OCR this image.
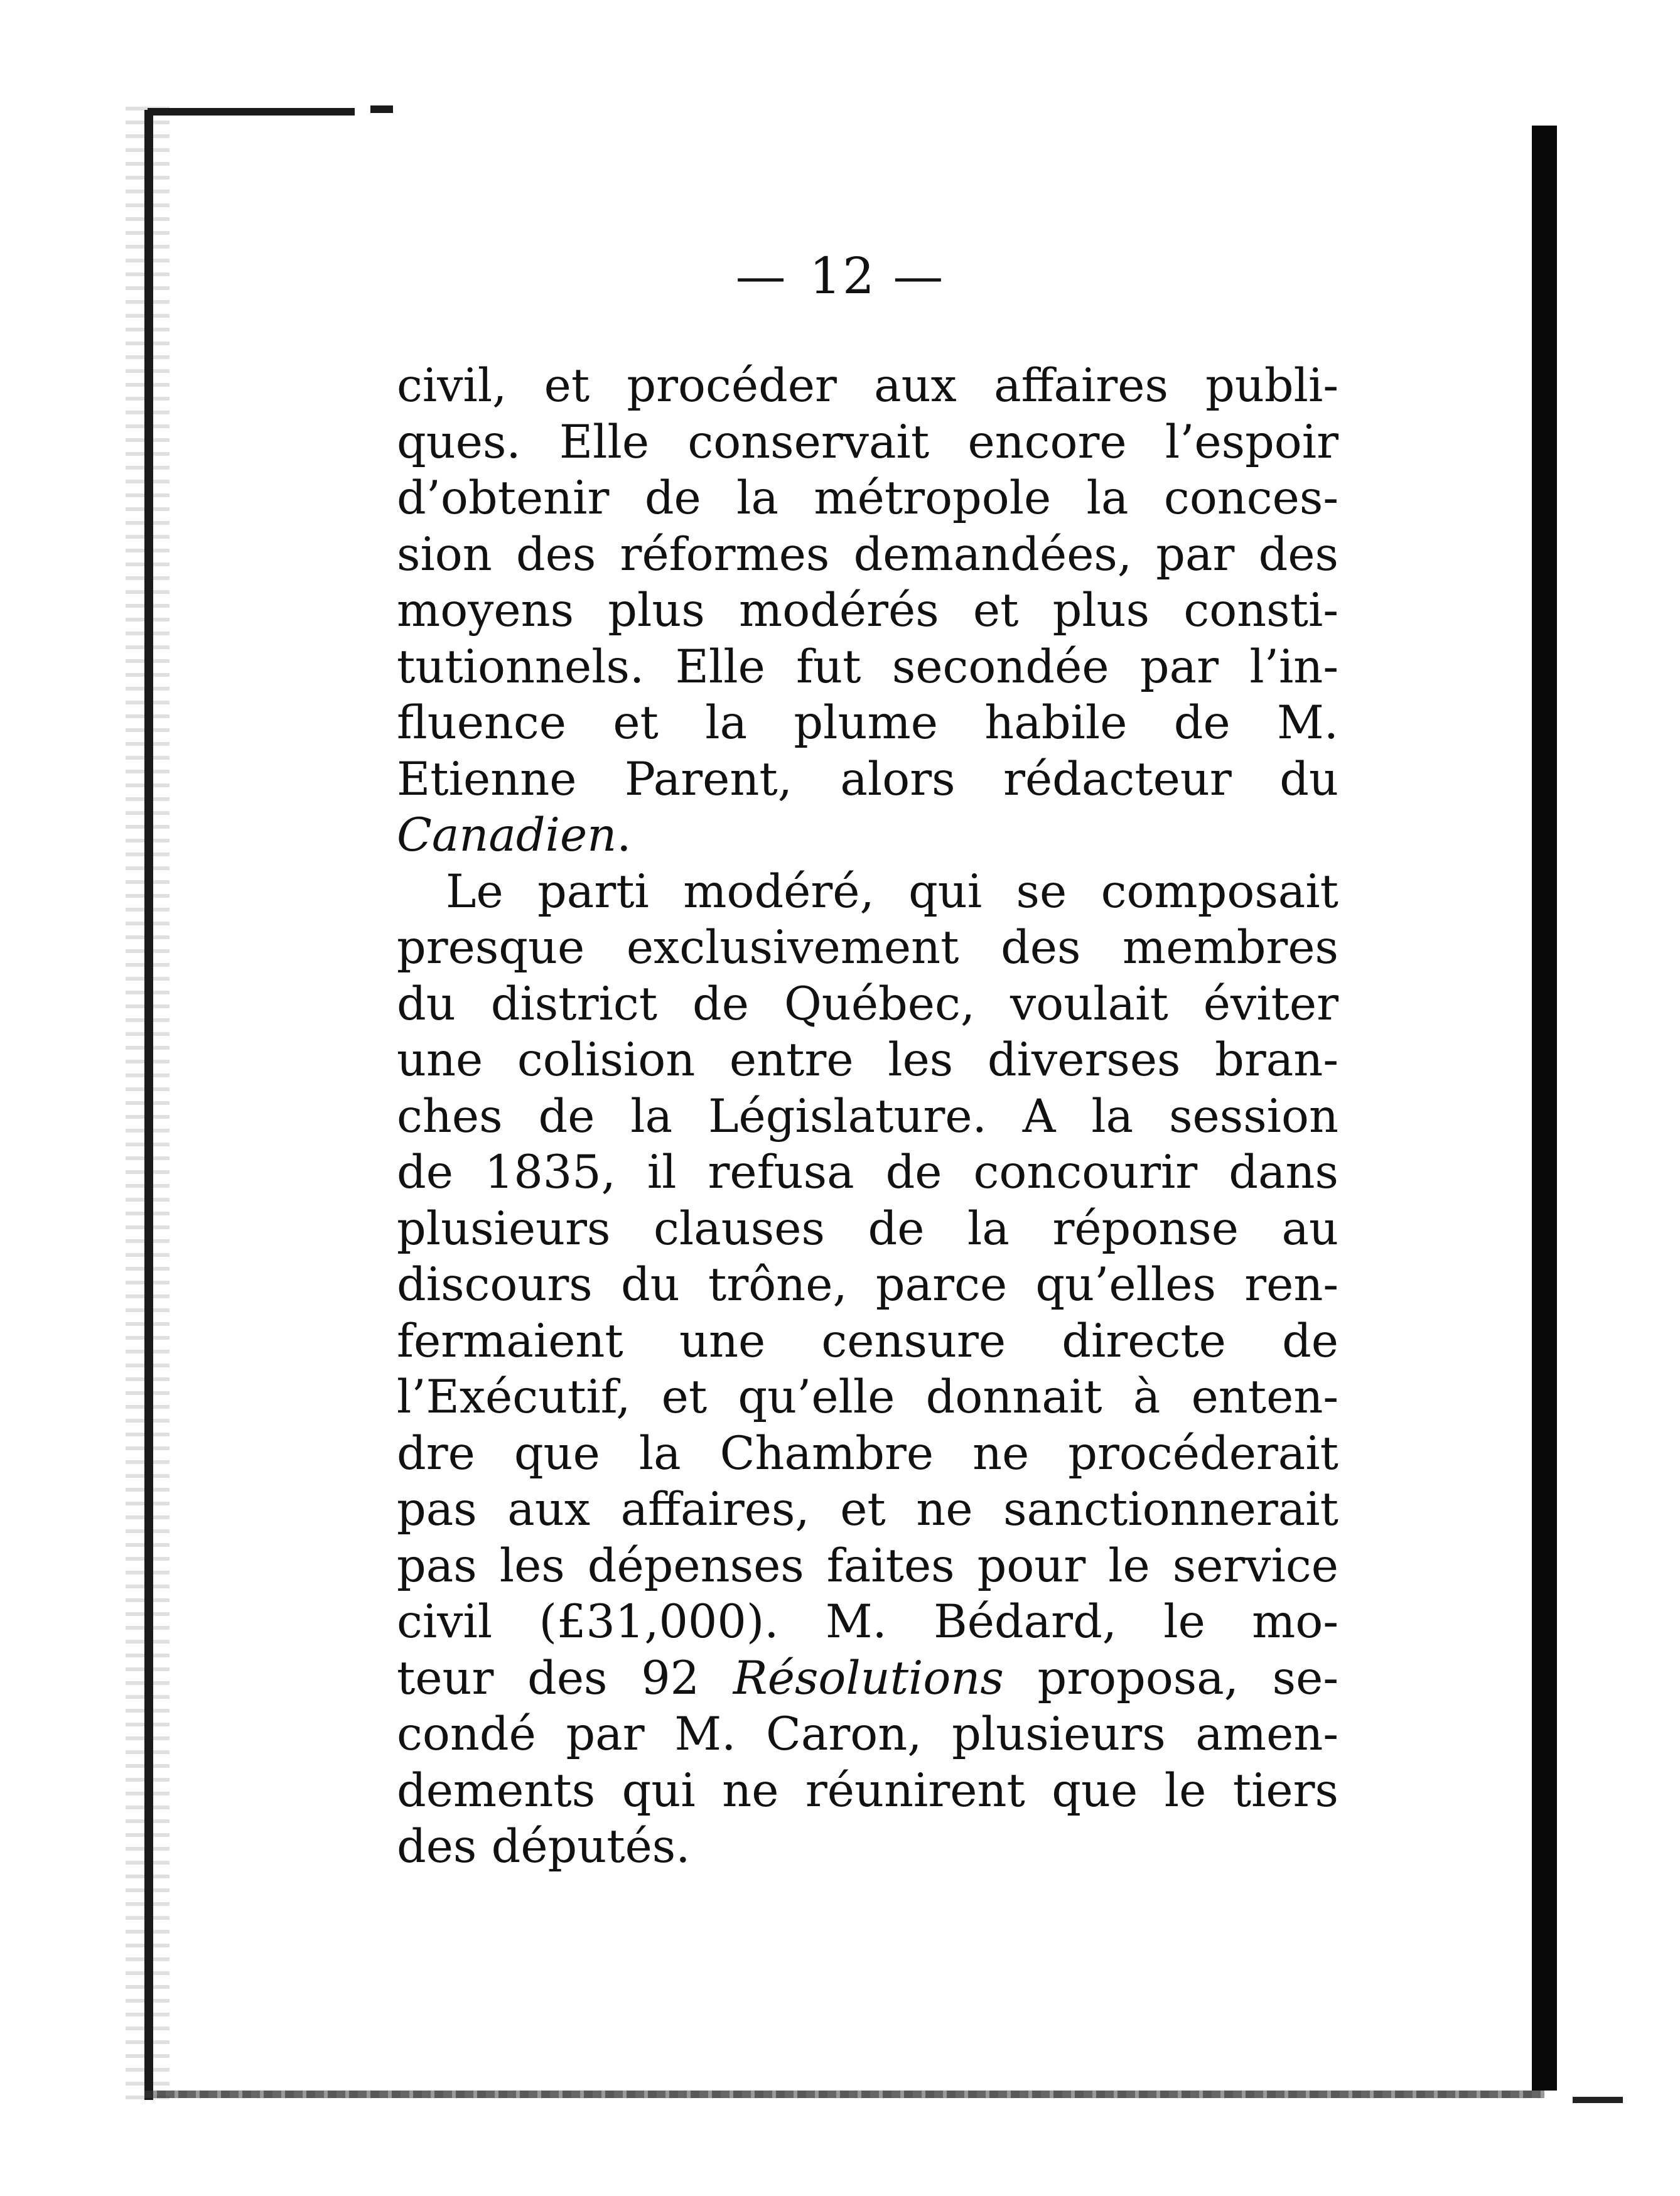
— 12 —
civil, et procéder aux affaires publi-
ques. Elle conservait encore l’espoir
d’obtenir de la métropole la conces-
sion des réformes demandées, par des
moyens plus modérés et plus consti-
tutionnels. Elle fut secondée par l’in-
fluence et la plume habile de M.
Etienne Parent, alors rédacteur du
Canadien.
Le parti modéré, qui se composait
presque exclusivement des membres
du district de Québec, voulait éviter
une colision entre les diverses bran-
ches de la Législature. A la session
de 1835, il refusa de concourir dans
plusieurs clauses de la réponse au
discours du trône, parce qu’elles ren-
fermaient une censure directe de
l’Exécutif, et qu’elle donnait à enten-
dre que la Chambre ne procéderait
pas aux affaires, et ne sanctionnerait
pas les dépenses faites pour le service
civil (£31,000). M. Bédard, le mo-
teur des 92 Résolutions proposa, se-
condé par M. Caron, plusieurs amen-
dements qui ne réunirent que le tiers
des députés.
